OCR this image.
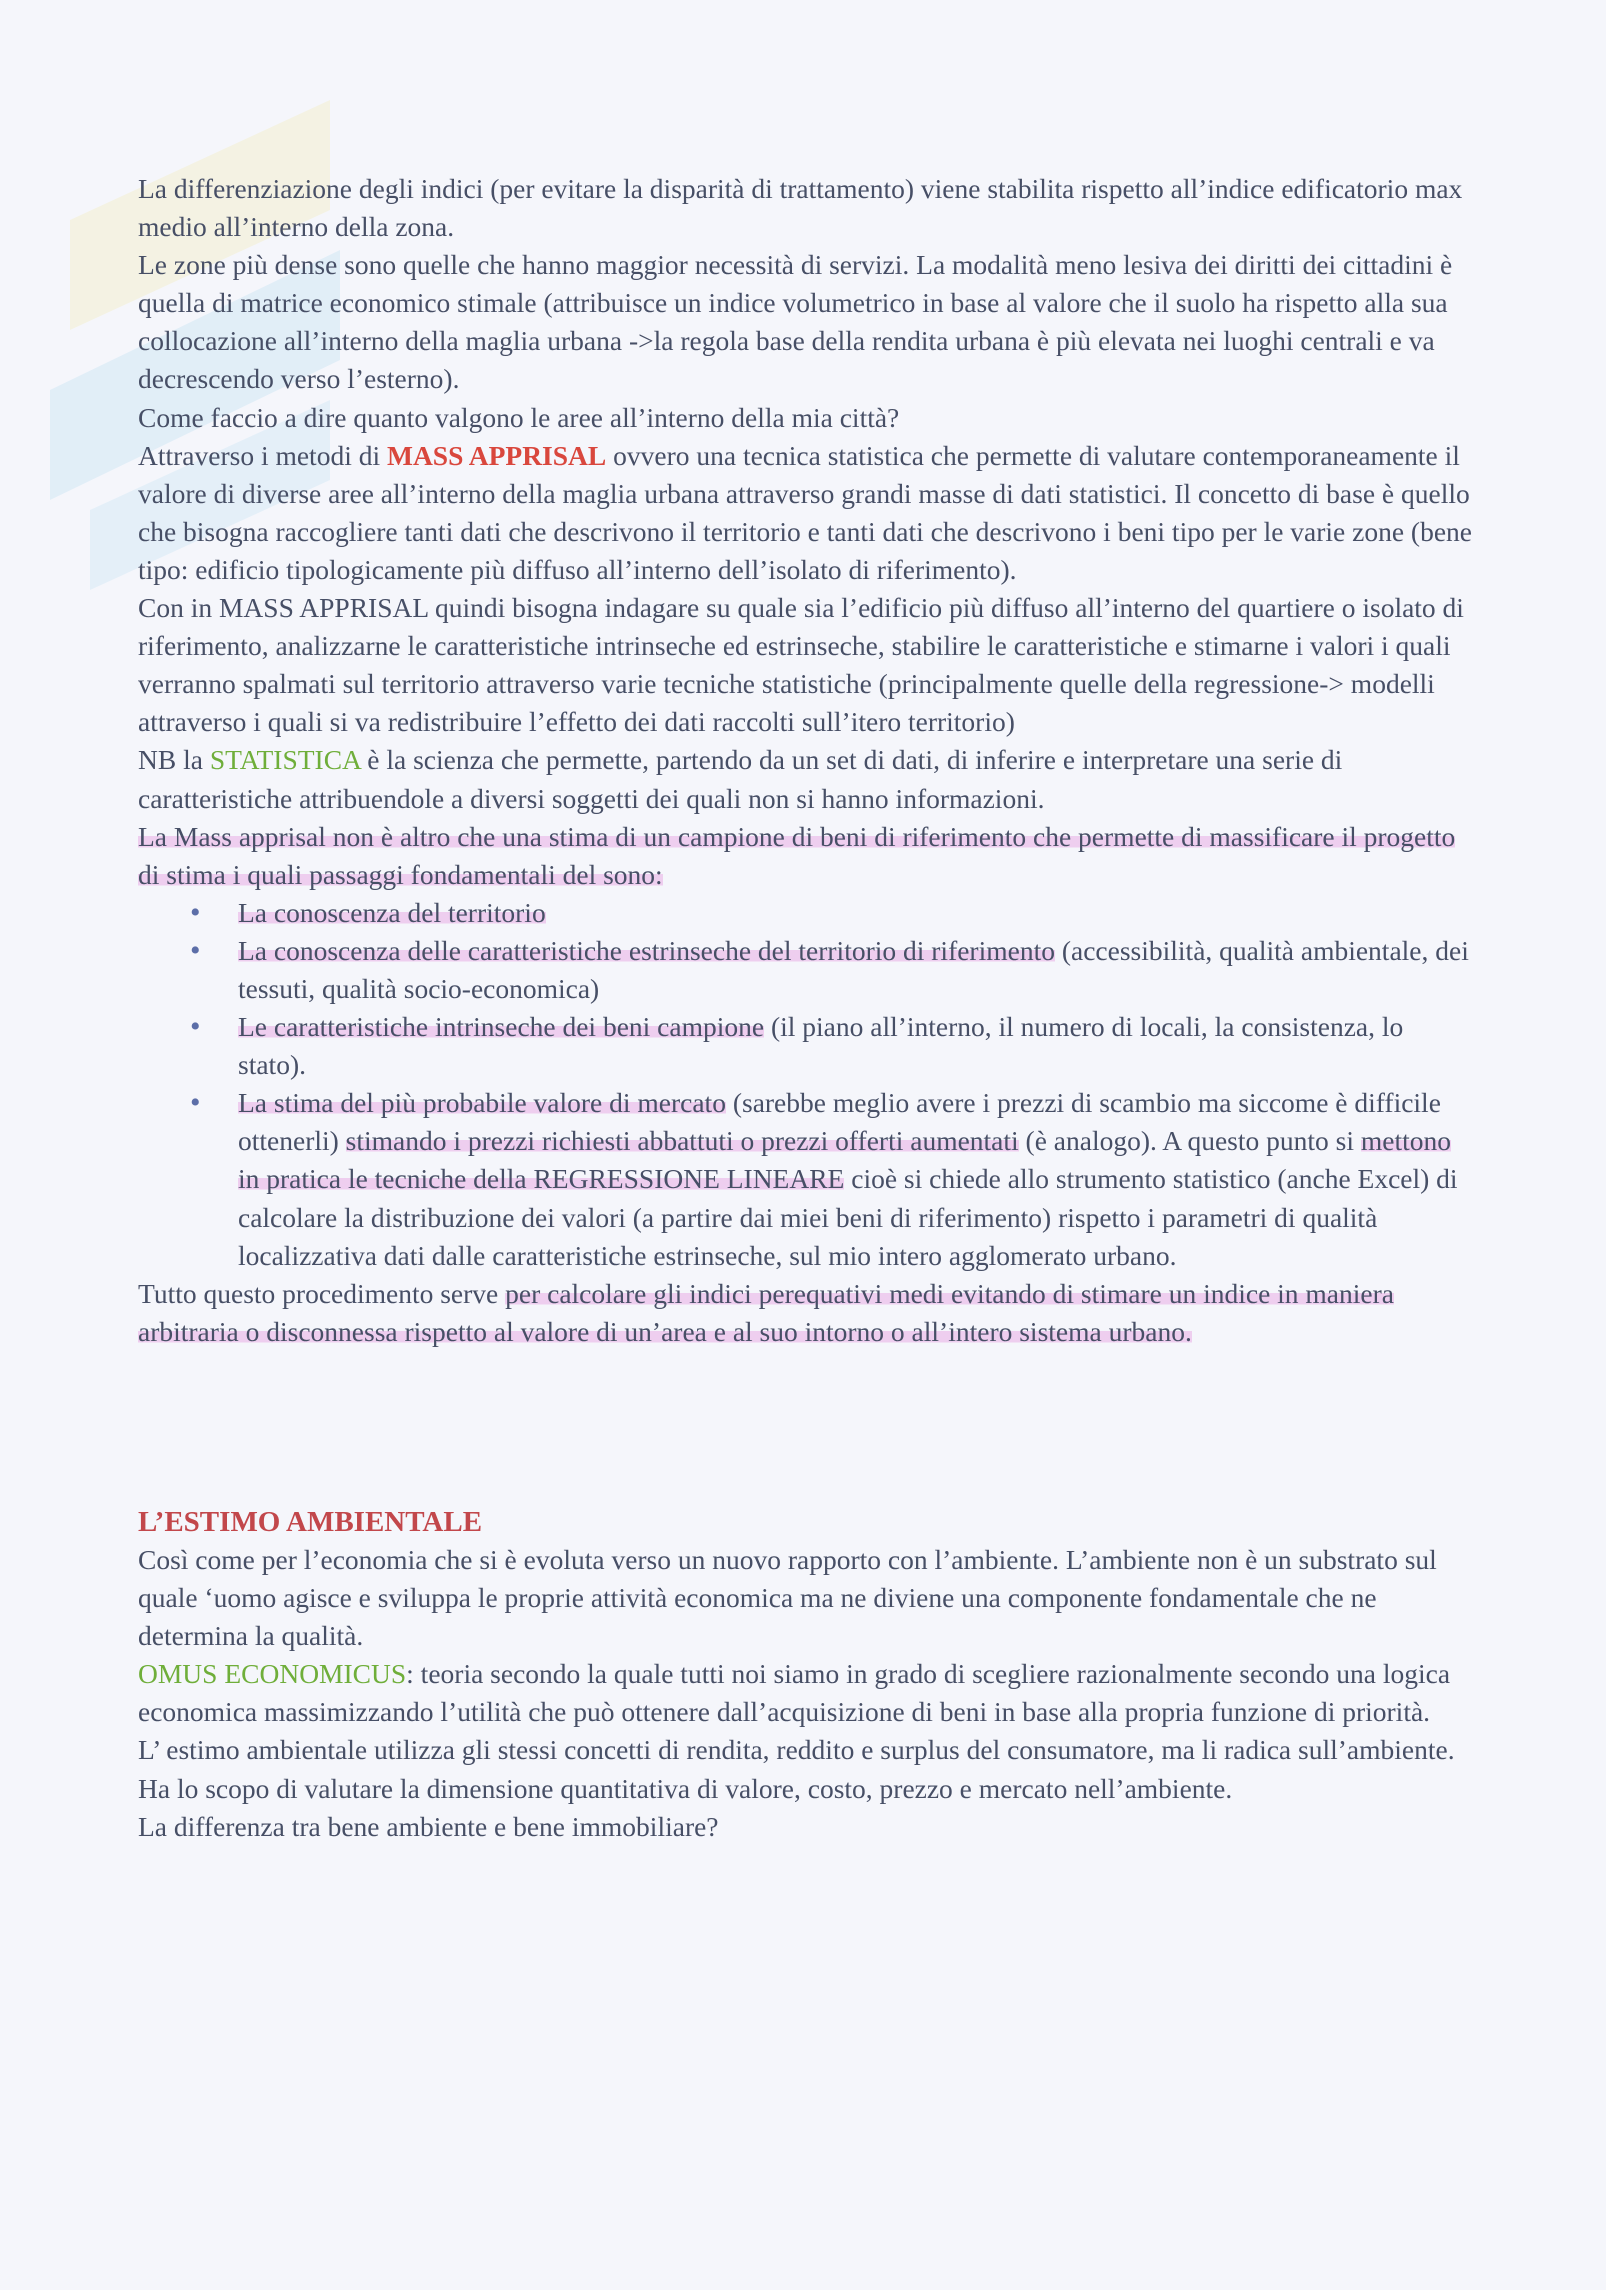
La differenziazione degli indici (per evitare la disparità di trattamento) viene stabilita rispetto all’indice edificatorio max medio all’interno della zona.

Le zone più dense sono quelle che hanno maggior necessità di servizi. La modalità meno lesiva dei diritti dei cittadini è quella di matrice economico stimale (attribuisce un indice volumetrico in base al valore che il suolo ha rispetto alla sua collocazione all’interno della maglia urbana ->la regola base della rendita urbana è più elevata nei luoghi centrali e va decrescendo verso l’esterno).

Come faccio a dire quanto valgono le aree all’interno della mia città?

Attraverso i metodi di MASS APPRISAL ovvero una tecnica statistica che permette di valutare contemporaneamente il valore di diverse aree all’interno della maglia urbana attraverso grandi masse di dati statistici. Il concetto di base è quello che bisogna raccogliere tanti dati che descrivono il territorio e tanti dati che descrivono i beni tipo per le varie zone (bene tipo: edificio tipologicamente più diffuso all’interno dell’isolato di riferimento).

Con in MASS APPRISAL quindi bisogna indagare su quale sia l’edificio più diffuso all’interno del quartiere o isolato di riferimento, analizzarne le caratteristiche intrinseche ed estrinseche, stabilire le caratteristiche e stimarne i valori i quali verranno spalmati sul territorio attraverso varie tecniche statistiche (principalmente quelle della regressione-> modelli attraverso i quali si va redistribuire l’effetto dei dati raccolti sull’itero territorio)

NB la STATISTICA è la scienza che permette, partendo da un set di dati, di inferire e interpretare una serie di caratteristiche attribuendole a diversi soggetti dei quali non si hanno informazioni.

La Mass apprisal non è altro che una stima di un campione di beni di riferimento che permette di massificare il progetto di stima i quali passaggi fondamentali del sono:

• La conoscenza del territorio
• La conoscenza delle caratteristiche estrinseche del territorio di riferimento (accessibilità, qualità ambientale, dei tessuti, qualità socio-economica)
• Le caratteristiche intrinseche dei beni campione (il piano all’interno, il numero di locali, la consistenza, lo stato).
• La stima del più probabile valore di mercato (sarebbe meglio avere i prezzi di scambio ma siccome è difficile ottenerli) stimando i prezzi richiesti abbattuti o prezzi offerti aumentati (è analogo). A questo punto si mettono in pratica le tecniche della REGRESSIONE LINEARE cioè si chiede allo strumento statistico (anche Excel) di calcolare la distribuzione dei valori (a partire dai miei beni di riferimento) rispetto i parametri di qualità localizzativa dati dalle caratteristiche estrinseche, sul mio intero agglomerato urbano.

Tutto questo procedimento serve per calcolare gli indici perequativi medi evitando di stimare un indice in maniera arbitraria o disconnessa rispetto al valore di un’area e al suo intorno o all’intero sistema urbano.

L’ESTIMO AMBIENTALE

Così come per l’economia che si è evoluta verso un nuovo rapporto con l’ambiente. L’ambiente non è un substrato sul quale ‘uomo agisce e sviluppa le proprie attività economica ma ne diviene una componente fondamentale che ne determina la qualità.

OMUS ECONOMICUS: teoria secondo la quale tutti noi siamo in grado di scegliere razionalmente secondo una logica economica massimizzando l’utilità che può ottenere dall’acquisizione di beni in base alla propria funzione di priorità.

L’ estimo ambientale utilizza gli stessi concetti di rendita, reddito e surplus del consumatore, ma li radica sull’ambiente. Ha lo scopo di valutare la dimensione quantitativa di valore, costo, prezzo e mercato nell’ambiente.

La differenza tra bene ambiente e bene immobiliare?
